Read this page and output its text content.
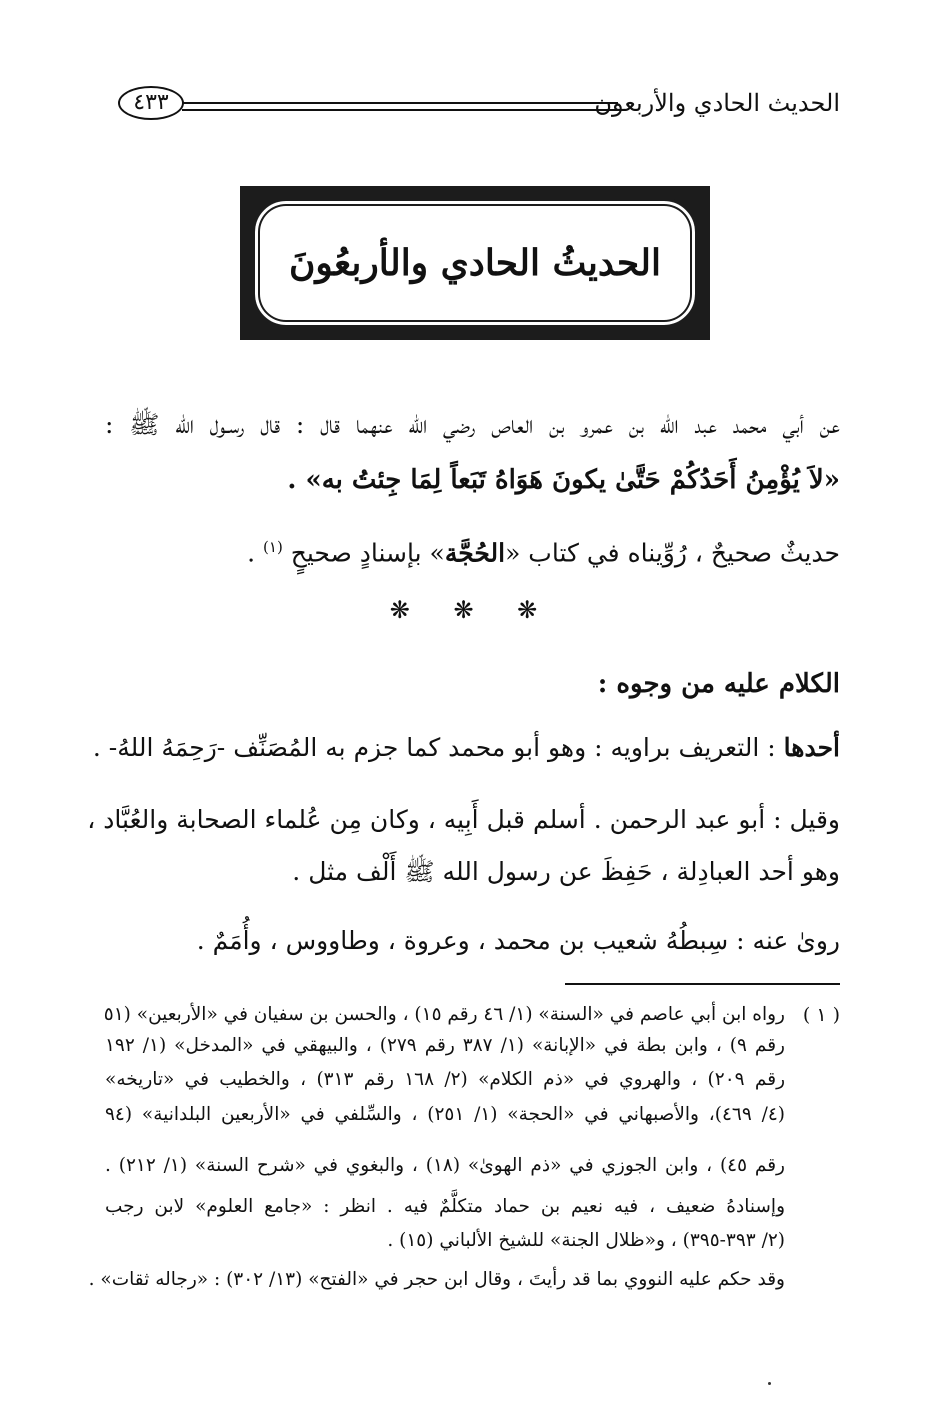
الحديث الحادي والأربعون
٤٣٣
الحديثُ الحادي والأربعُونَ
عن أبي محمد عبد الله بن عمرو بن العاص رضي الله عنهما قال : قال رسـول الله ﷺ :
«لاَ يُؤْمِنُ أَحَدُكُمْ حَتَّىٰ يكونَ هَوَاهُ تَبَعاً لِمَا جِئتُ به» .
حديثٌ صحيحٌ ، رُوِّيناه في كتاب «الحُجَّة» بإسنادٍ صحيحٍ $^{(١)}$ .
❋ ❋ ❋
الكلام عليه من وجوه :
أحدها : التعريف براويه : وهو أبو محمد كما جزم به المُصَنِّف -رَحِمَهُ اللهُ- .
وقيل : أبو عبد الرحمن . أسلم قبل أَبِيه ، وكان مِن عُلماء الصحابة والعُبَّاد ،
وهو أحد العبادِلة ، حَفِظَ عن رسول الله ﷺ أَلْف مثل .
روىٰ عنه : سِبطُهُ شعيب بن محمد ، وعروة ، وطاووس ، وأُمَمٌ .
( ١ )
رواه ابن أبي عاصم في «السنة» (١/ ٤٦ رقم ١٥) ، والحسن بن سفيان في «الأربعين» (٥١
رقم ٩) ، وابن بطة في «الإبانة» (١/ ٣٨٧ رقم ٢٧٩) ، والبيهقي في «المدخل» (١/ ١٩٢
رقم ٢٠٩) ، والهروي في «ذم الكلام» (٢/ ١٦٨ رقم ٣١٣) ، والخطيب في «تاريخه»
(٤/ ٤٦٩)، والأصبهاني في «الحجة» (١/ ٢٥١) ، والسِّلفي في «الأربعين البلدانية» (٩٤
رقم ٤٥) ، وابن الجوزي في «ذم الهوىٰ» (١٨) ، والبغوي في «شرح السنة» (١/ ٢١٢) .
وإسنادهُ ضعيف ، فيه نعيم بن حماد متكلَّمٌ فيه . انظر : «جامع العلوم» لابن رجب
(٢/ ٣٩٣-٣٩٥) ، و«ظلال الجنة» للشيخ الألباني (١٥) .
وقد حكم عليه النووي بما قد رأيتَ ، وقال ابن حجر في «الفتح» (١٣/ ٣٠٢) : «رجاله ثقات» .
